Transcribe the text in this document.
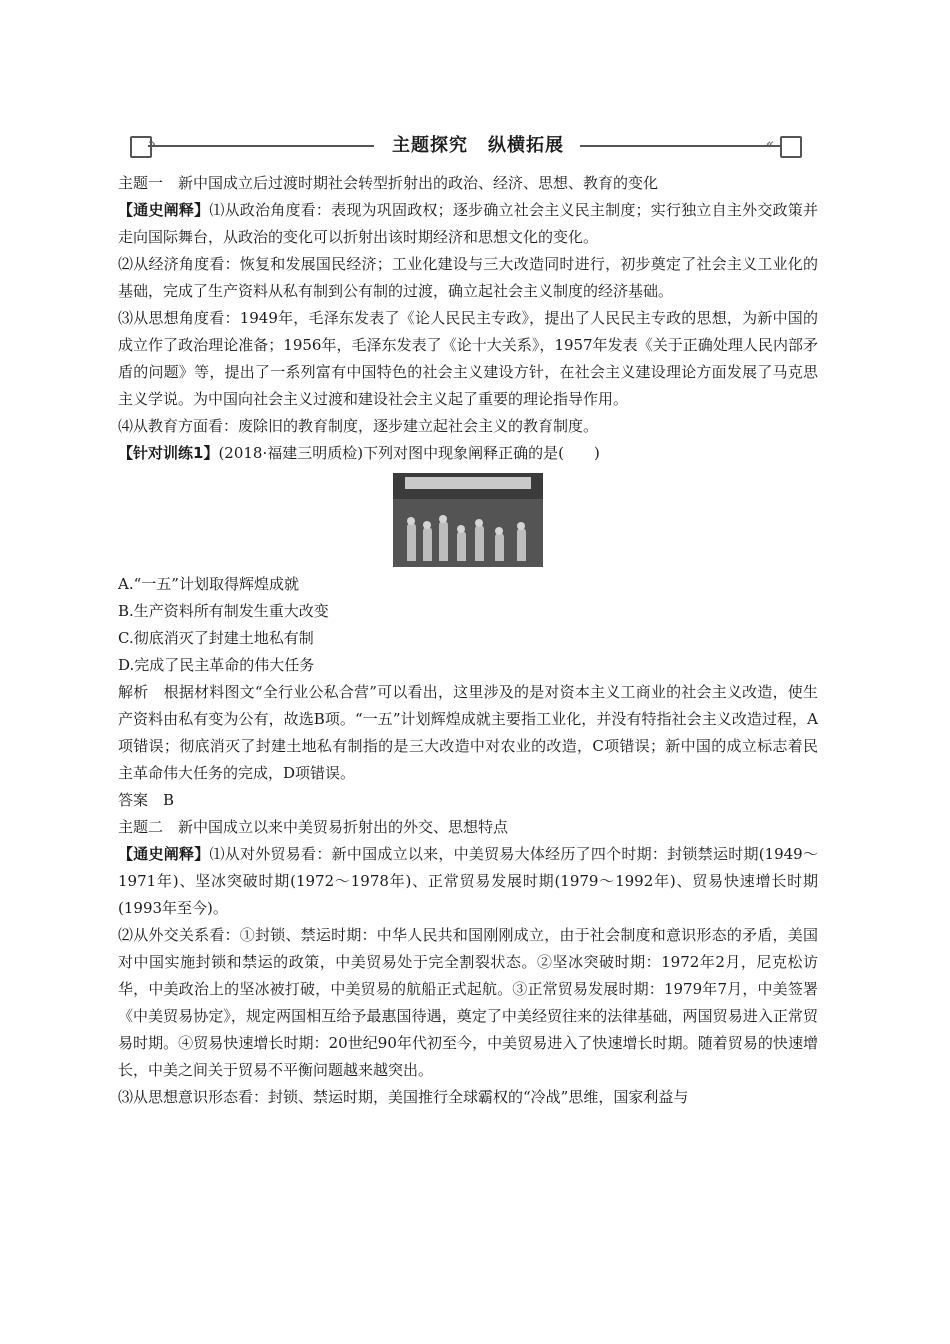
»	主题探究 纵横拓展	«

主题一　新中国成立后过渡时期社会转型折射出的政治、经济、思想、教育的变化

【通史阐释】⑴从政治角度看：表现为巩固政权；逐步确立社会主义民主制度；实行独立自主外交政策并走向国际舞台，从政治的变化可以折射出该时期经济和思想文化的变化。

⑵从经济角度看：恢复和发展国民经济；工业化建设与三大改造同时进行，初步奠定了社会主义工业化的基础，完成了生产资料从私有制到公有制的过渡，确立起社会主义制度的经济基础。

⑶从思想角度看：1949年，毛泽东发表了《论人民民主专政》，提出了人民民主专政的思想，为新中国的成立作了政治理论准备；1956年，毛泽东发表了《论十大关系》，1957年发表《关于正确处理人民内部矛盾的问题》等，提出了一系列富有中国特色的社会主义建设方针，在社会主义建设理论方面发展了马克思主义学说。为中国向社会主义过渡和建设社会主义起了重要的理论指导作用。

⑷从教育方面看：废除旧的教育制度，逐步建立起社会主义的教育制度。

【针对训练1】(2018·福建三明质检)下列对图中现象阐释正确的是(　　)

A.“一五”计划取得辉煌成就

B.生产资料所有制发生重大改变

C.彻底消灭了封建土地私有制

D.完成了民主革命的伟大任务

解析　根据材料图文“全行业公私合营”可以看出，这里涉及的是对资本主义工商业的社会主义改造，使生产资料由私有变为公有，故选B项。“一五”计划辉煌成就主要指工业化，并没有特指社会主义改造过程，A项错误；彻底消灭了封建土地私有制指的是三大改造中对农业的改造，C项错误；新中国的成立标志着民主革命伟大任务的完成，D项错误。

答案　B

主题二　新中国成立以来中美贸易折射出的外交、思想特点

【通史阐释】⑴从对外贸易看：新中国成立以来，中美贸易大体经历了四个时期：封锁禁运时期(1949～1971年)、坚冰突破时期(1972～1978年)、正常贸易发展时期(1979～1992年)、贸易快速增长时期(1993年至今)。

⑵从外交关系看：①封锁、禁运时期：中华人民共和国刚刚成立，由于社会制度和意识形态的矛盾，美国对中国实施封锁和禁运的政策，中美贸易处于完全割裂状态。②坚冰突破时期：1972年2月，尼克松访华，中美政治上的坚冰被打破，中美贸易的航船正式起航。③正常贸易发展时期：1979年7月，中美签署《中美贸易协定》，规定两国相互给予最惠国待遇，奠定了中美经贸往来的法律基础，两国贸易进入正常贸易时期。④贸易快速增长时期：20世纪90年代初至今，中美贸易进入了快速增长时期。随着贸易的快速增长，中美之间关于贸易不平衡问题越来越突出。

⑶从思想意识形态看：封锁、禁运时期，美国推行全球霸权的“冷战”思维，国家利益与
